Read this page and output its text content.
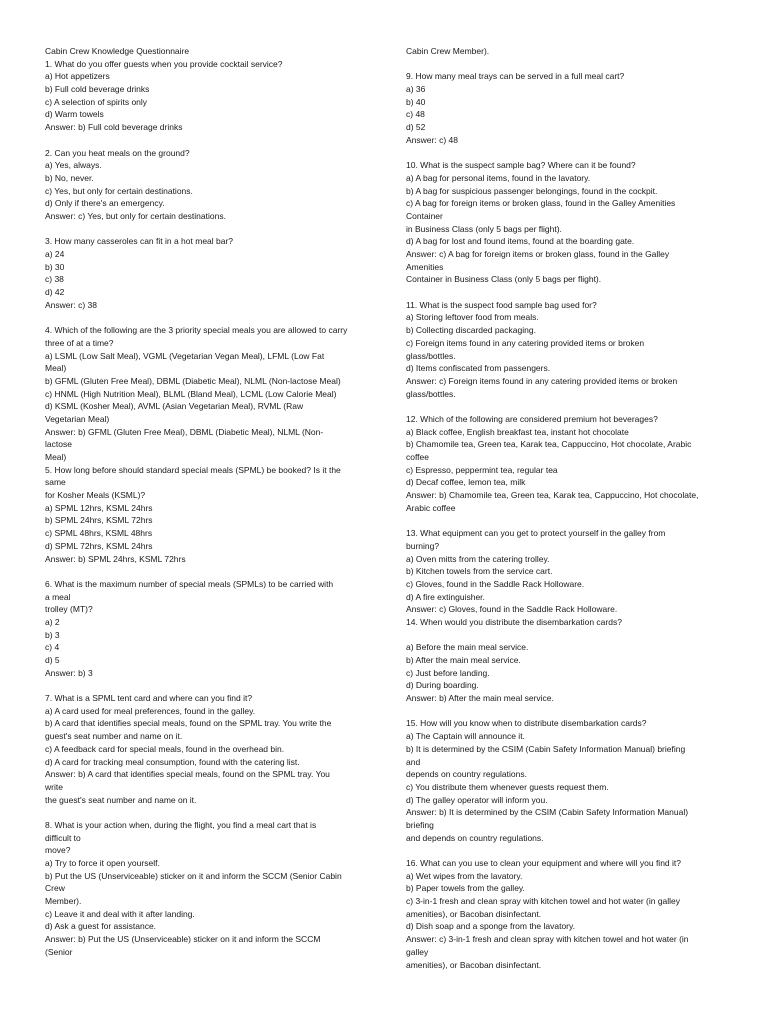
Cabin Crew Knowledge Questionnaire
1. What do you offer guests when you provide cocktail service?
a) Hot appetizers
b) Full cold beverage drinks
c) A selection of spirits only
d) Warm towels
Answer: b) Full cold beverage drinks
2. Can you heat meals on the ground?
a) Yes, always.
b) No, never.
c) Yes, but only for certain destinations.
d) Only if there's an emergency.
Answer: c) Yes, but only for certain destinations.
3. How many casseroles can fit in a hot meal bar?
a) 24
b) 30
c) 38
d) 42
Answer: c) 38
4. Which of the following are the 3 priority special meals you are allowed to carry
three of at a time?
a) LSML (Low Salt Meal), VGML (Vegetarian Vegan Meal), LFML (Low Fat
Meal)
b) GFML (Gluten Free Meal), DBML (Diabetic Meal), NLML (Non-lactose Meal)
c) HNML (High Nutrition Meal), BLML (Bland Meal), LCML (Low Calorie Meal)
d) KSML (Kosher Meal), AVML (Asian Vegetarian Meal), RVML (Raw
Vegetarian Meal)
Answer: b) GFML (Gluten Free Meal), DBML (Diabetic Meal), NLML (Non-
lactose
Meal)
5. How long before should standard special meals (SPML) be booked? Is it the
same
for Kosher Meals (KSML)?
a) SPML 12hrs, KSML 24hrs
b) SPML 24hrs, KSML 72hrs
c) SPML 48hrs, KSML 48hrs
d) SPML 72hrs, KSML 24hrs
Answer: b) SPML 24hrs, KSML 72hrs
6. What is the maximum number of special meals (SPMLs) to be carried with
a meal
trolley (MT)?
a) 2
b) 3
c) 4
d) 5
Answer: b) 3
7. What is a SPML tent card and where can you find it?
a) A card used for meal preferences, found in the galley.
b) A card that identifies special meals, found on the SPML tray. You write the
guest's seat number and name on it.
c) A feedback card for special meals, found in the overhead bin.
d) A card for tracking meal consumption, found with the catering list.
Answer: b) A card that identifies special meals, found on the SPML tray. You
write
the guest's seat number and name on it.
8. What is your action when, during the flight, you find a meal cart that is
difficult to
move?
a) Try to force it open yourself.
b) Put the US (Unserviceable) sticker on it and inform the SCCM (Senior Cabin
Crew
Member).
c) Leave it and deal with it after landing.
d) Ask a guest for assistance.
Answer: b) Put the US (Unserviceable) sticker on it and inform the SCCM
(Senior
Cabin Crew Member).
9. How many meal trays can be served in a full meal cart?
a) 36
b) 40
c) 48
d) 52
Answer: c) 48
10. What is the suspect sample bag? Where can it be found?
a) A bag for personal items, found in the lavatory.
b) A bag for suspicious passenger belongings, found in the cockpit.
c) A bag for foreign items or broken glass, found in the Galley Amenities
Container
in Business Class (only 5 bags per flight).
d) A bag for lost and found items, found at the boarding gate.
Answer: c) A bag for foreign items or broken glass, found in the Galley
Amenities
Container in Business Class (only 5 bags per flight).
11. What is the suspect food sample bag used for?
a) Storing leftover food from meals.
b) Collecting discarded packaging.
c) Foreign items found in any catering provided items or broken
glass/bottles.
d) Items confiscated from passengers.
Answer: c) Foreign items found in any catering provided items or broken
glass/bottles.
12. Which of the following are considered premium hot beverages?
a) Black coffee, English breakfast tea, instant hot chocolate
b) Chamomile tea, Green tea, Karak tea, Cappuccino, Hot chocolate, Arabic
coffee
c) Espresso, peppermint tea, regular tea
d) Decaf coffee, lemon tea, milk
Answer: b) Chamomile tea, Green tea, Karak tea, Cappuccino, Hot chocolate,
Arabic coffee
13. What equipment can you get to protect yourself in the galley from
burning?
a) Oven mitts from the catering trolley.
b) Kitchen towels from the service cart.
c) Gloves, found in the Saddle Rack Holloware.
d) A fire extinguisher.
Answer: c) Gloves, found in the Saddle Rack Holloware.
14. When would you distribute the disembarkation cards?
a) Before the main meal service.
b) After the main meal service.
c) Just before landing.
d) During boarding.
Answer: b) After the main meal service.
15. How will you know when to distribute disembarkation cards?
a) The Captain will announce it.
b) It is determined by the CSIM (Cabin Safety Information Manual) briefing
and
depends on country regulations.
c) You distribute them whenever guests request them.
d) The galley operator will inform you.
Answer: b) It is determined by the CSIM (Cabin Safety Information Manual)
briefing
and depends on country regulations.
16. What can you use to clean your equipment and where will you find it?
a) Wet wipes from the lavatory.
b) Paper towels from the galley.
c) 3-in-1 fresh and clean spray with kitchen towel and hot water (in galley
amenities), or Bacoban disinfectant.
d) Dish soap and a sponge from the lavatory.
Answer: c) 3-in-1 fresh and clean spray with kitchen towel and hot water (in
galley
amenities), or Bacoban disinfectant.
